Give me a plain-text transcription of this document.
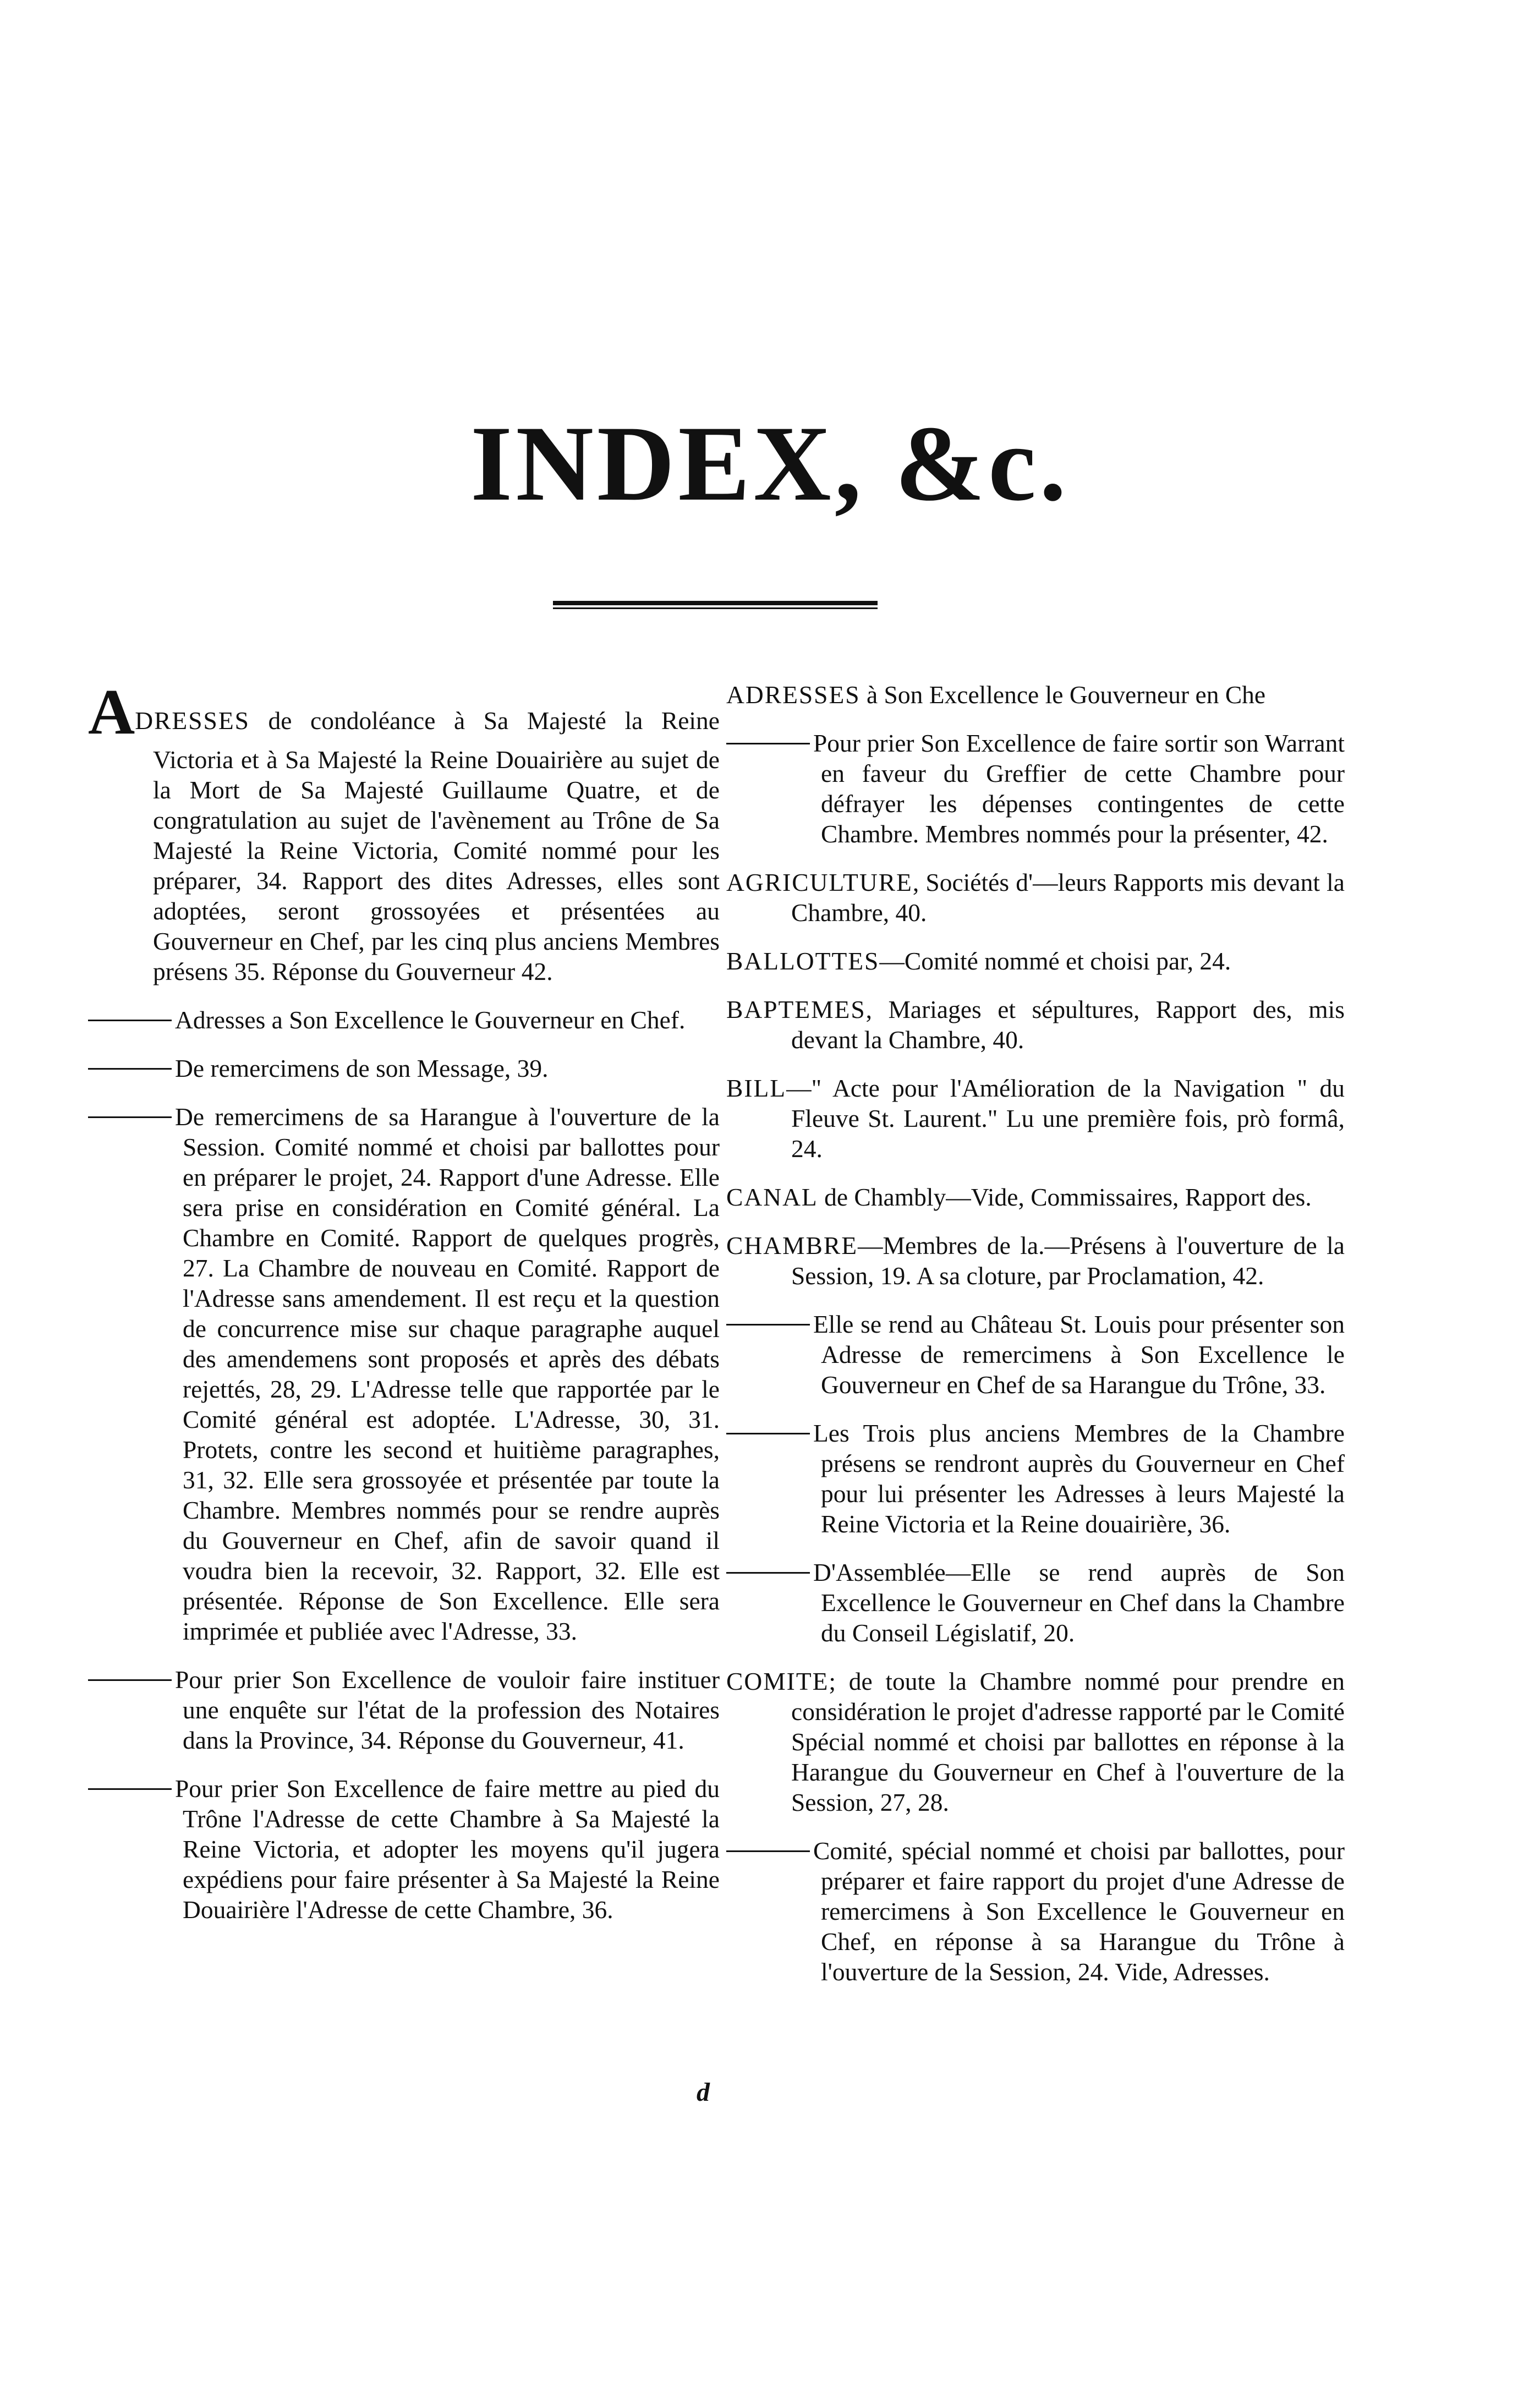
INDEX, &c.
ADRESSES de condoléance à Sa Majesté la Reine Victoria et à Sa Majesté la Reine Douairière au sujet de la Mort de Sa Majesté Guillaume Quatre, et de congratulation au sujet de l'avènement au Trône de Sa Majesté la Reine Victoria, Comité nommé pour les préparer, 34. Rapport des dites Adresses, elles sont adoptées, seront grossoyées et présentées au Gouverneur en Chef, par les cinq plus anciens Membres présens 35. Réponse du Gouverneur 42.
Adresses a Son Excellence le Gouverneur en Chef.
De remercimens de son Message, 39.
De remercimens de sa Harangue à l'ouverture de la Session. Comité nommé et choisi par ballottes pour en préparer le projet, 24. Rapport d'une Adresse. Elle sera prise en considération en Comité général. La Chambre en Comité. Rapport de quelques progrès, 27. La Chambre de nouveau en Comité. Rapport de l'Adresse sans amendement. Il est reçu et la question de concurrence mise sur chaque paragraphe auquel des amendemens sont proposés et après des débats rejettés, 28, 29. L'Adresse telle que rapportée par le Comité général est adoptée. L'Adresse, 30, 31. Protets, contre les second et huitième paragraphes, 31, 32. Elle sera grossoyée et présentée par toute la Chambre. Membres nommés pour se rendre auprès du Gouverneur en Chef, afin de savoir quand il voudra bien la recevoir, 32. Rapport, 32. Elle est présentée. Réponse de Son Excellence. Elle sera imprimée et publiée avec l'Adresse, 33.
Pour prier Son Excellence de vouloir faire instituer une enquête sur l'état de la profession des Notaires dans la Province, 34. Réponse du Gouverneur, 41.
Pour prier Son Excellence de faire mettre au pied du Trône l'Adresse de cette Chambre à Sa Majesté la Reine Victoria, et adopter les moyens qu'il jugera expédiens pour faire présenter à Sa Majesté la Reine Douairière l'Adresse de cette Chambre, 36.
ADRESSES à Son Excellence le Gouverneur en Che
Pour prier Son Excellence de faire sortir son Warrant en faveur du Greffier de cette Chambre pour défrayer les dépenses contingentes de cette Chambre. Membres nommés pour la présenter, 42.
AGRICULTURE, Sociétés d'—leurs Rapports mis devant la Chambre, 40.
BALLOTTES—Comité nommé et choisi par, 24.
BAPTEMES, Mariages et sépultures, Rapport des, mis devant la Chambre, 40.
BILL—" Acte pour l'Amélioration de la Navigation " du Fleuve St. Laurent." Lu une première fois, prò formâ, 24.
CANAL de Chambly—Vide, Commissaires, Rapport des.
CHAMBRE—Membres de la.—Présens à l'ouverture de la Session, 19. A sa cloture, par Proclamation, 42.
Elle se rend au Château St. Louis pour présenter son Adresse de remercimens à Son Excellence le Gouverneur en Chef de sa Harangue du Trône, 33.
Les Trois plus anciens Membres de la Chambre présens se rendront auprès du Gouverneur en Chef pour lui présenter les Adresses à leurs Majesté la Reine Victoria et la Reine douairière, 36.
D'Assemblée—Elle se rend auprès de Son Excellence le Gouverneur en Chef dans la Chambre du Conseil Législatif, 20.
COMITE; de toute la Chambre nommé pour prendre en considération le projet d'adresse rapporté par le Comité Spécial nommé et choisi par ballottes en réponse à la Harangue du Gouverneur en Chef à l'ouverture de la Session, 27, 28.
Comité, spécial nommé et choisi par ballottes, pour préparer et faire rapport du projet d'une Adresse de remercimens à Son Excellence le Gouverneur en Chef, en réponse à sa Harangue du Trône à l'ouverture de la Session, 24. Vide, Adresses.
d
